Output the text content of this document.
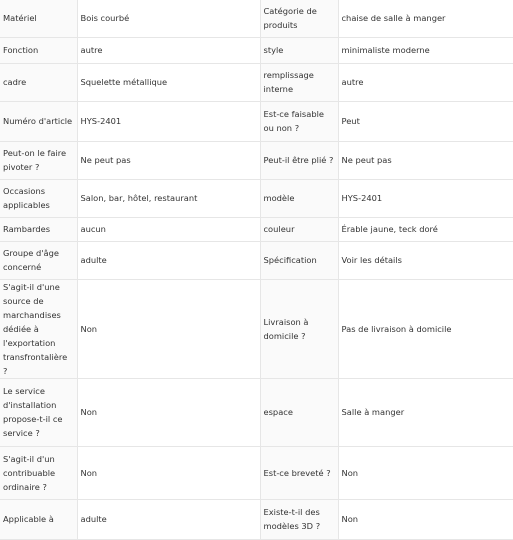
Matériel	Bois courbé	Catégorie de produits	chaise de salle à manger
Fonction	autre	style	minimaliste moderne
cadre	Squelette métallique	remplissage interne	autre
Numéro d'article	HYS-2401	Est-ce faisable ou non ?	Peut
Peut-on le faire pivoter ?	Ne peut pas	Peut-il être plié ?	Ne peut pas
Occasions applicables	Salon, bar, hôtel, restaurant	modèle	HYS-2401
Rambardes	aucun	couleur	Érable jaune, teck doré
Groupe d'âge concerné	adulte	Spécification	Voir les détails
S'agit-il d'une source de marchandises dédiée à l'exportation transfrontalière ?	Non	Livraison à domicile ?	Pas de livraison à domicile
Le service d'installation propose-t-il ce service ?	Non	espace	Salle à manger
S'agit-il d'un contribuable ordinaire ?	Non	Est-ce breveté ?	Non
Applicable à	adulte	Existe-t-il des modèles 3D ?	Non
